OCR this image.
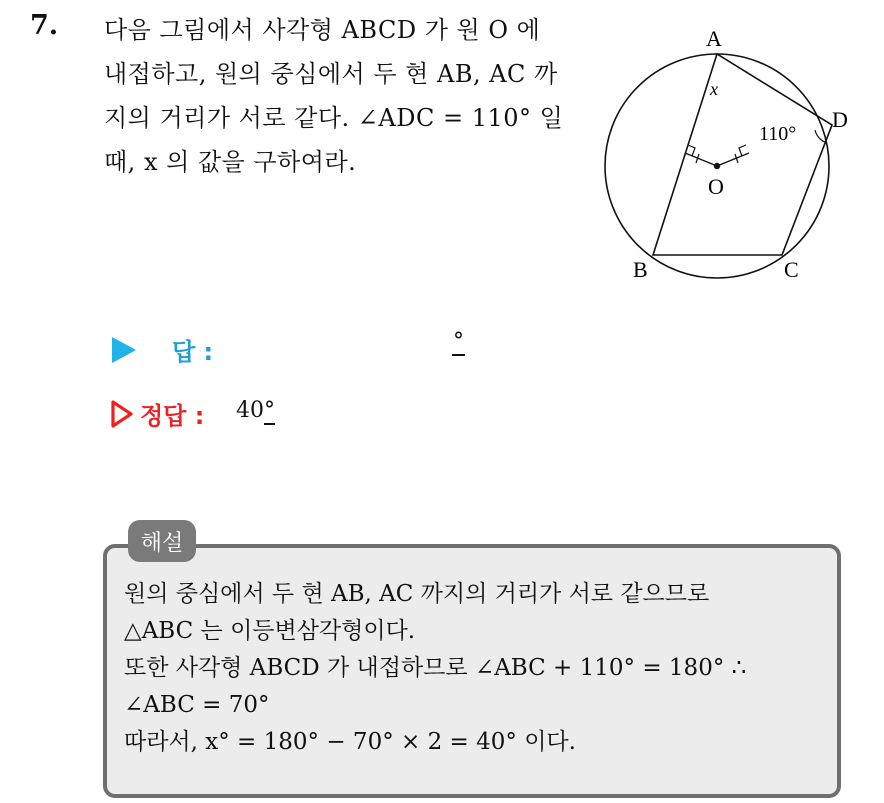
7. 다음 그림에서 사각형 ABCD 가 원 O 에
내접하고, 원의 중심에서 두 현 AB, AC 까
지의 거리가 서로 같다. ∠ADC = 110° 일
때, x 의 값을 구하여라.
A
B	C
D
O
x
110°
답 :	°
정답 : 40°
해설
원의 중심에서 두 현 AB, AC 까지의 거리가 서로 같으므로
△ABC 는 이등변삼각형이다.
또한 사각형 ABCD 가 내접하므로 ∠ABC + 110° = 180° ∴
∠ABC = 70°
따라서, x° = 180° − 70° × 2 = 40° 이다.
